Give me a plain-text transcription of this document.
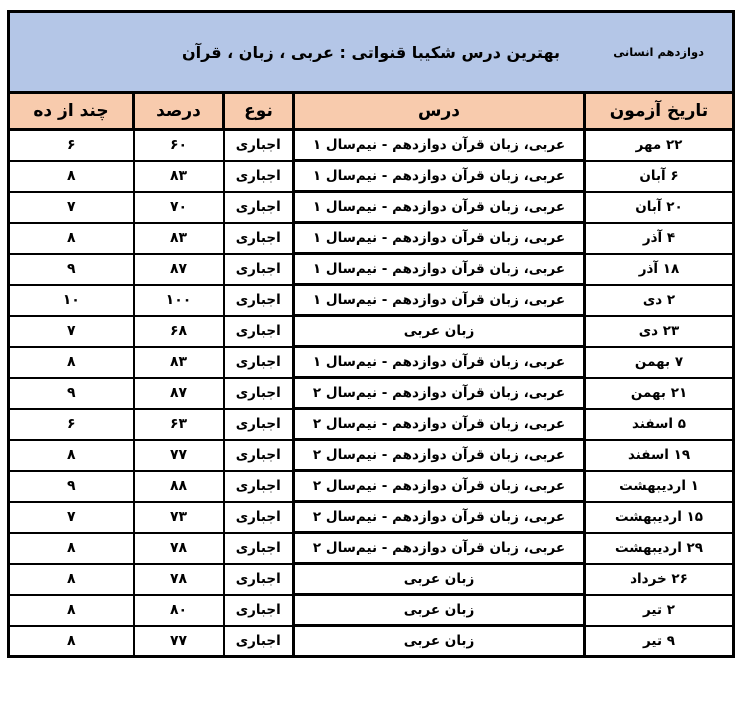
دوازدهم انسانی
بهترین درس شکیبا قنواتی : عربی ، زبان ، قرآن				

تاریخ آزمون	درس	نوع	درصد	چند از ده
۲۲ مهر	عربی، زبان قرآن دوازدهم - نیم‌سال ۱	اجباری	۶۰	۶
۶ آبان	عربی، زبان قرآن دوازدهم - نیم‌سال ۱	اجباری	۸۳	۸
۲۰ آبان	عربی، زبان قرآن دوازدهم - نیم‌سال ۱	اجباری	۷۰	۷
۴ آذر	عربی، زبان قرآن دوازدهم - نیم‌سال ۱	اجباری	۸۳	۸
۱۸ آذر	عربی، زبان قرآن دوازدهم - نیم‌سال ۱	اجباری	۸۷	۹
۲ دی	عربی، زبان قرآن دوازدهم - نیم‌سال ۱	اجباری	۱۰۰	۱۰
۲۳ دی	زبان عربی	اجباری	۶۸	۷
۷ بهمن	عربی، زبان قرآن دوازدهم - نیم‌سال ۱	اجباری	۸۳	۸
۲۱ بهمن	عربی، زبان قرآن دوازدهم - نیم‌سال ۲	اجباری	۸۷	۹
۵ اسفند	عربی، زبان قرآن دوازدهم - نیم‌سال ۲	اجباری	۶۳	۶
۱۹ اسفند	عربی، زبان قرآن دوازدهم - نیم‌سال ۲	اجباری	۷۷	۸
۱ اردیبهشت	عربی، زبان قرآن دوازدهم - نیم‌سال ۲	اجباری	۸۸	۹
۱۵ اردیبهشت	عربی، زبان قرآن دوازدهم - نیم‌سال ۲	اجباری	۷۳	۷
۲۹ اردیبهشت	عربی، زبان قرآن دوازدهم - نیم‌سال ۲	اجباری	۷۸	۸
۲۶ خرداد	زبان عربی	اجباری	۷۸	۸
۲ تیر	زبان عربی	اجباری	۸۰	۸
۹ تیر	زبان عربی	اجباری	۷۷	۸
